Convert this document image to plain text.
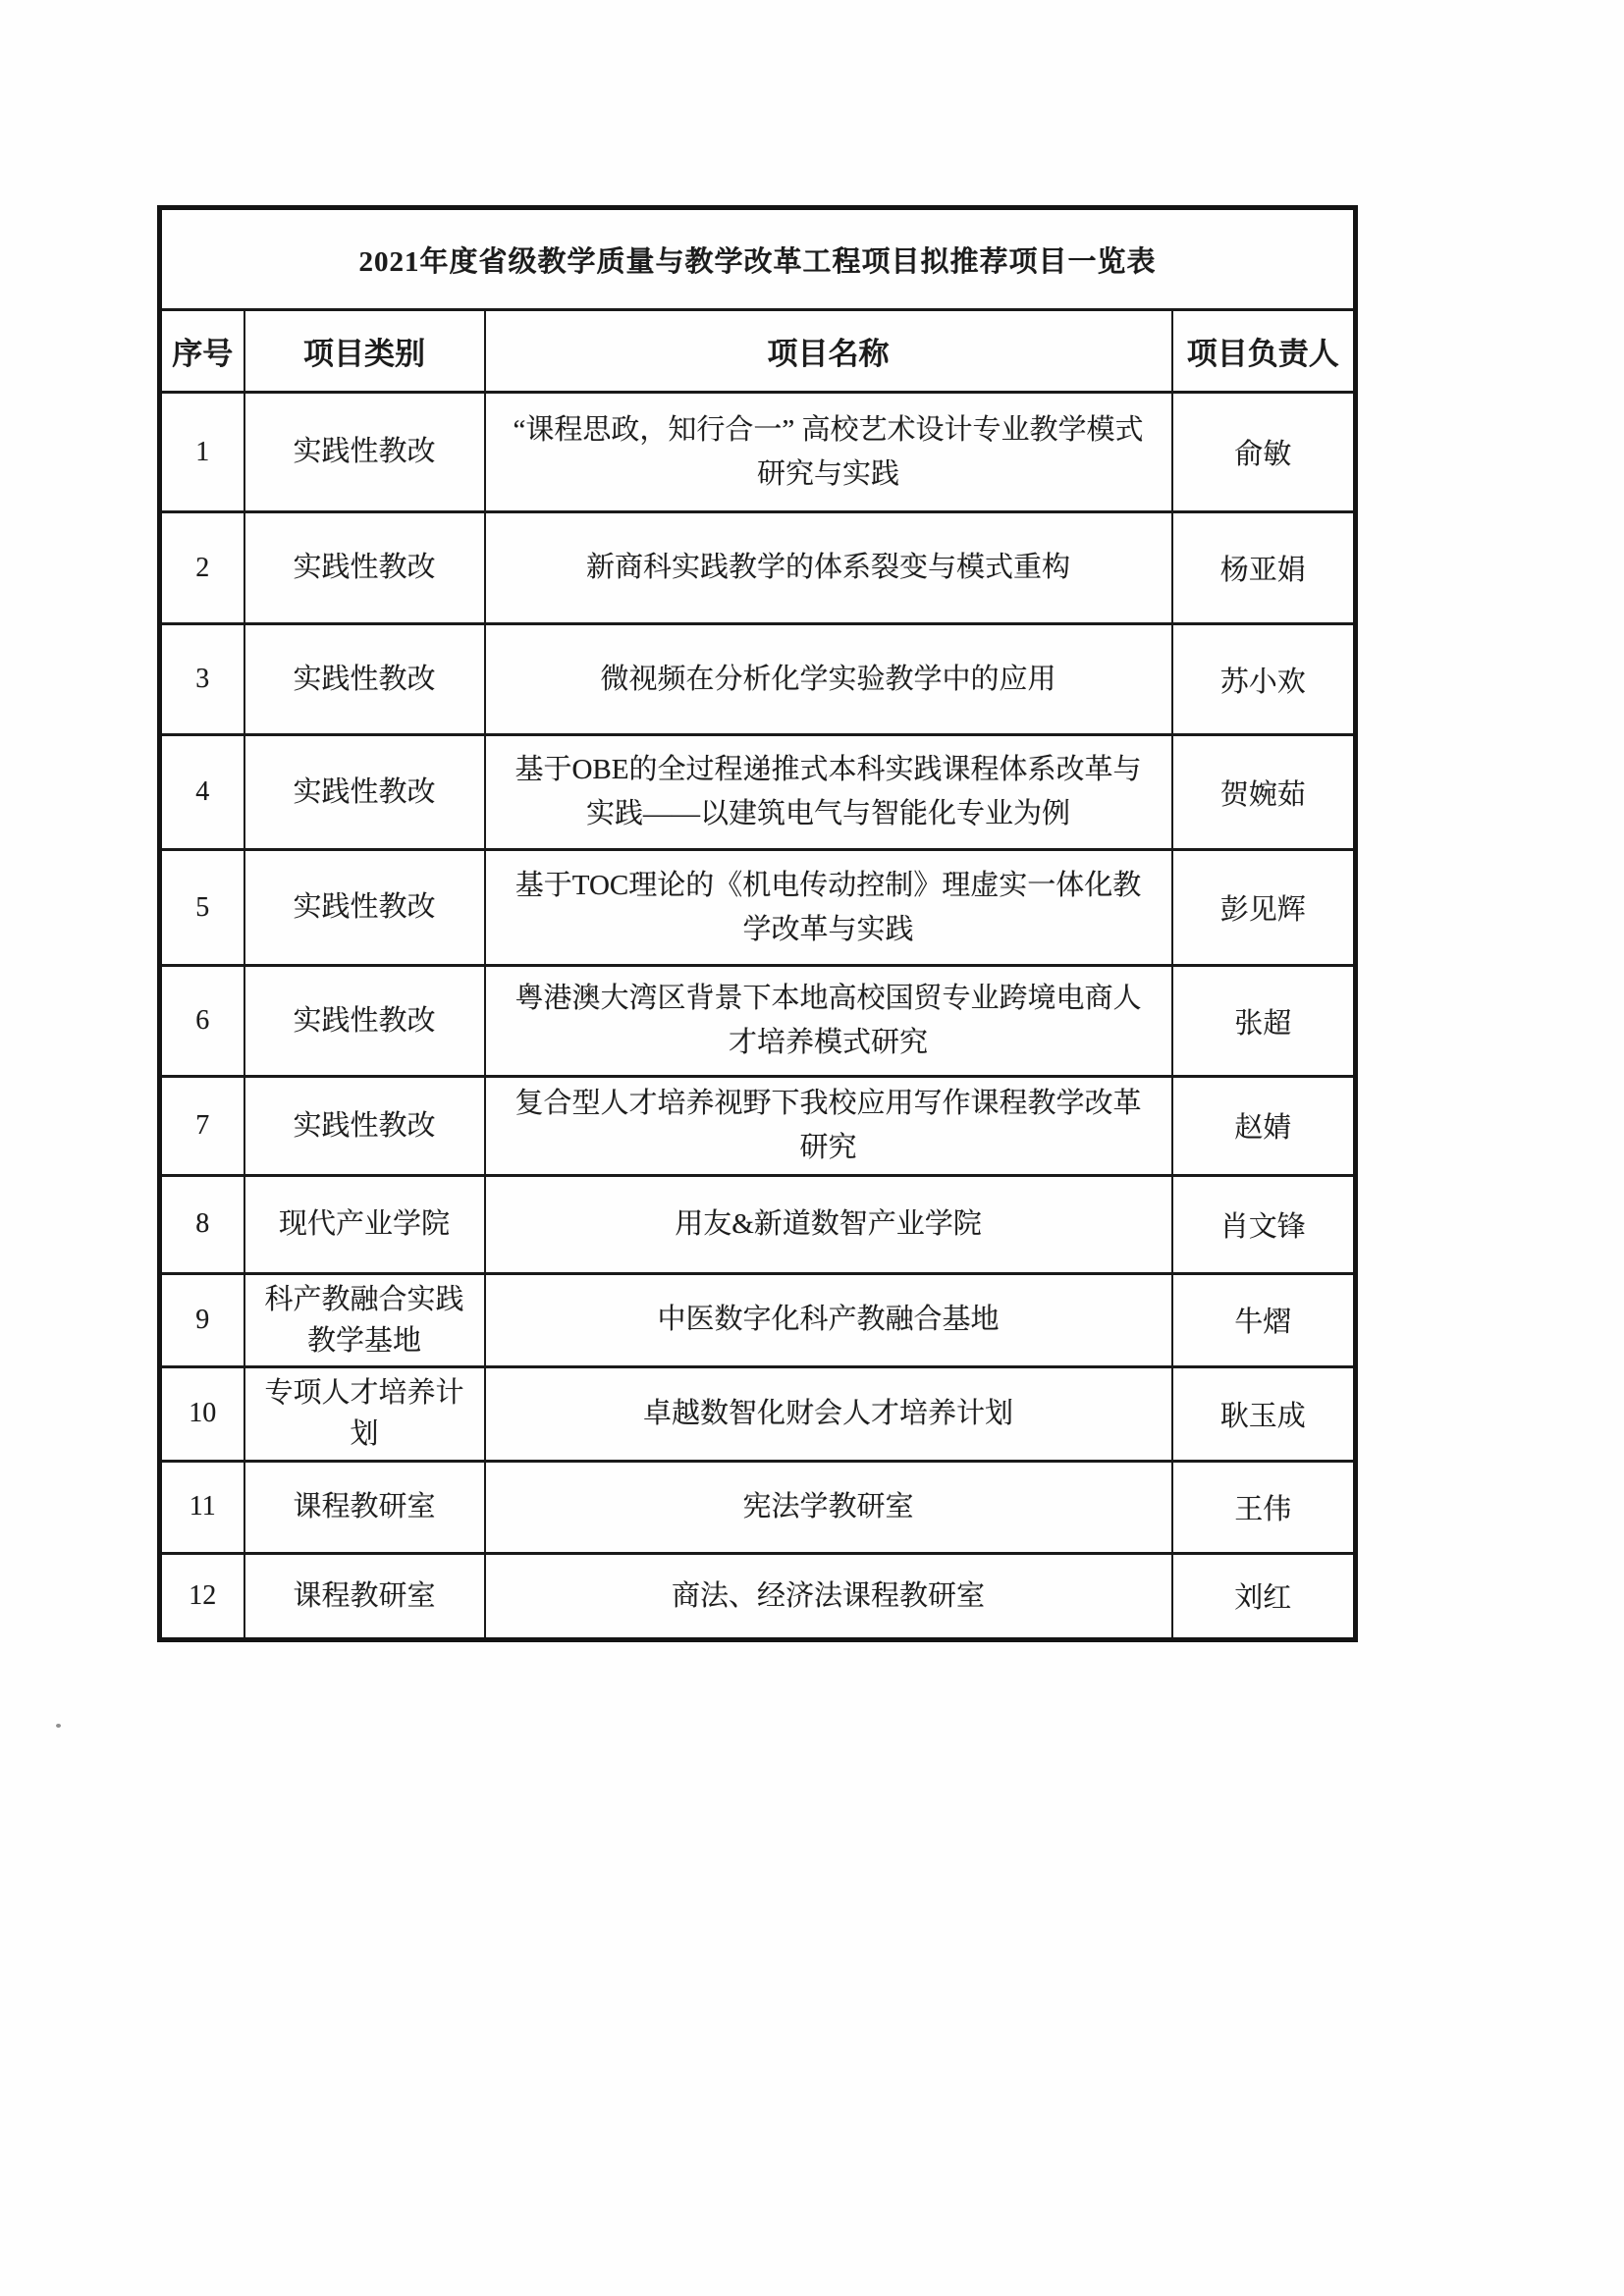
2021年度省级教学质量与教学改革工程项目拟推荐项目一览表			
序号	项目类别	项目名称	项目负责人
1	实践性教改	“课程思政，知行合一” 高校艺术设计专业教学模式研究与实践	俞敏
2	实践性教改	新商科实践教学的体系裂变与模式重构	杨亚娟
3	实践性教改	微视频在分析化学实验教学中的应用	苏小欢
4	实践性教改	基于OBE的全过程递推式本科实践课程体系改革与实践——以建筑电气与智能化专业为例	贺婉茹
5	实践性教改	基于TOC理论的《机电传动控制》理虚实一体化教学改革与实践	彭见辉
6	实践性教改	粤港澳大湾区背景下本地高校国贸专业跨境电商人才培养模式研究	张超
7	实践性教改	复合型人才培养视野下我校应用写作课程教学改革研究	赵婧
8	现代产业学院	用友&新道数智产业学院	肖文锋
9	科产教融合实践教学基地	中医数字化科产教融合基地	牛熠
10	专项人才培养计划	卓越数智化财会人才培养计划	耿玉成
11	课程教研室	宪法学教研室	王伟
12	课程教研室	商法、经济法课程教研室	刘红
